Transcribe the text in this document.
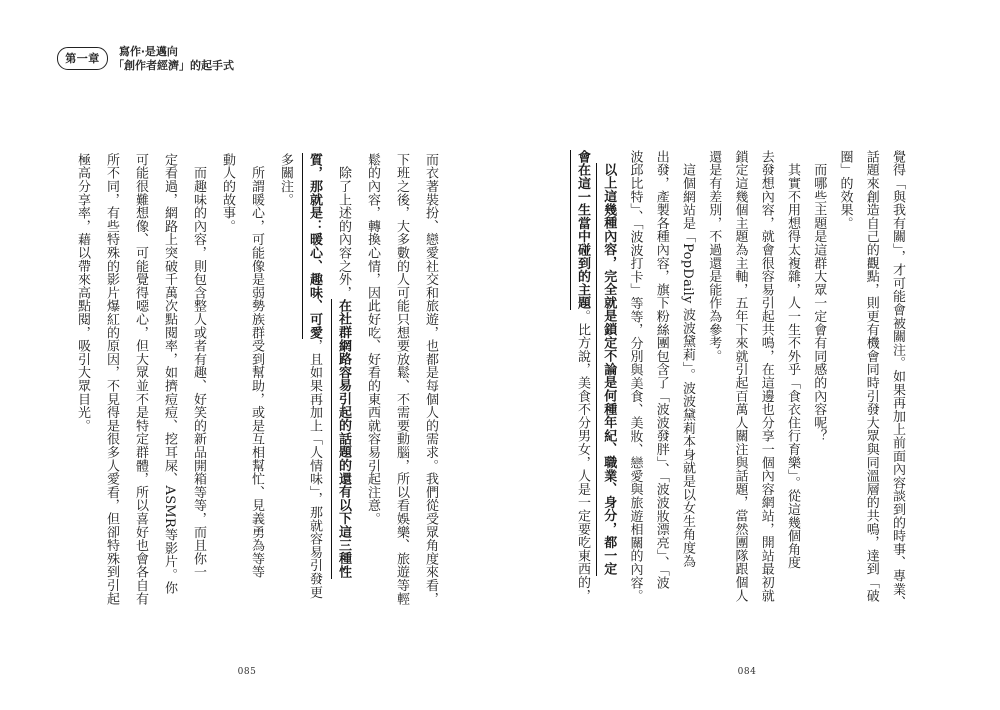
第一章
寫作‧是邁向
「創作者經濟」的起手式
而衣著裝扮、戀愛社交和旅遊，也都是每個人的需求。我們從受眾角度來看，
下班之後，大多數的人可能只想要放鬆、不需要動腦，所以看娛樂、旅遊等輕
鬆的內容，轉換心情，因此好吃、好看的東西就容易引起注意。
　除了上述的內容之外，在社群網路容易引起的話題的還有以下這三種性
質，那就是：暖心、趣味、可愛，且如果再加上「人情味」，那就容易引發更
多關注。
　所謂暖心，可能像是弱勢族群受到幫助，或是互相幫忙、見義勇為等等
動人的故事。
　而趣味的內容，則包含整人或者有趣、好笑的新品開箱等等，而且你一
定看過，網路上突破千萬次點閱率，如擠痘痘、挖耳屎、ASMR等影片。你
可能很難想像、可能覺得噁心，但大眾並不是特定群體，所以喜好也會各自有
所不同，有些特殊的影片爆紅的原因，不見得是很多人愛看，但卻特殊到引起
極高分享率，藉以帶來高點閱，吸引大眾目光。	覺得「與我有關」，才可能會被關注。如果再加上前面內容談到的時事、專業、
話題來創造自己的觀點，則更有機會同時引發大眾與同溫層的共鳴，達到「破
圈」的效果。
　而哪些主題是這群大眾一定會有同感的內容呢？
　其實不用想得太複雜，人一生不外乎「食衣住行育樂」。從這幾個角度
去發想內容，就會很容易引起共鳴，在這邊也分享一個內容網站，開站最初就
鎖定這幾個主題為主軸，五年下來就引起百萬人關注與話題，當然團隊跟個人
還是有差別，不過還是能作為參考。
　這個網站是「PopDaily 波波黛莉」。波波黛莉本身就是以女生角度為
出發，產製各種內容，旗下粉絲團包含了「波波發胖」、「波波妝漂亮」、「波
波邱比特」、「波波打卡」等等，分別與美食、美妝、戀愛與旅遊相關的內容。
　以上這幾種內容，完全就是鎖定不論是何種年紀、職業、身分，都一定
會在這一生當中碰到的主題。比方說，美食不分男女，人是一定要吃東西的，
085	084
